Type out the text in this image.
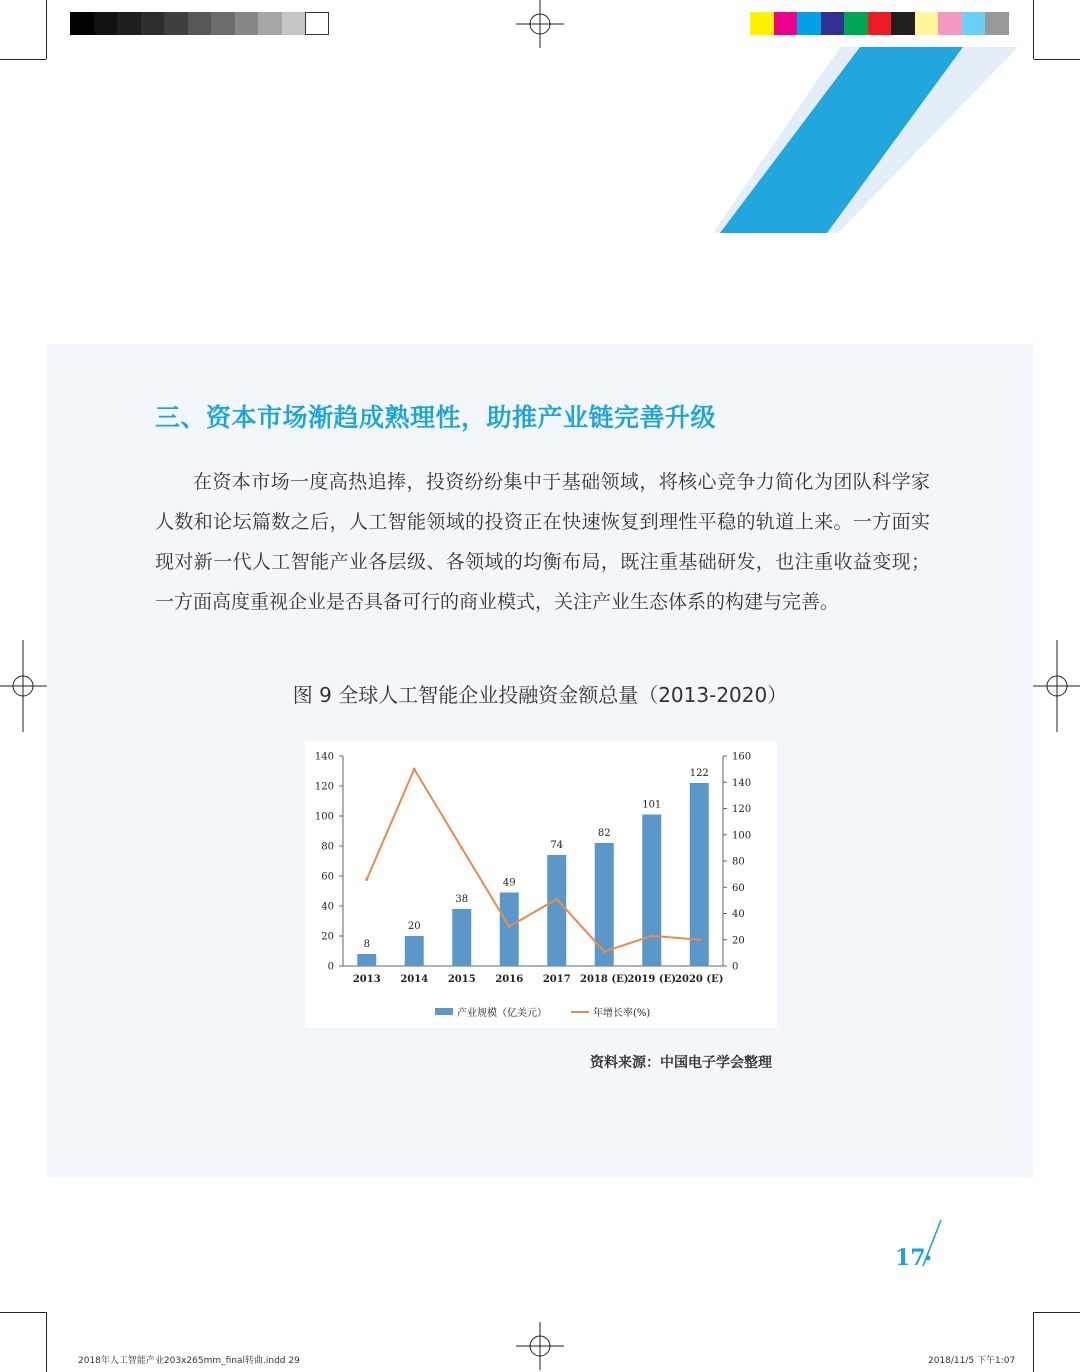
三、资本市场渐趋成熟理性，助推产业链完善升级

在资本市场一度高热追捧，投资纷纷集中于基础领域，将核心竞争力简化为团队科学家人数和论坛篇数之后，人工智能领域的投资正在快速恢复到理性平稳的轨道上来。一方面实现对新一代人工智能产业各层级、各领域的均衡布局，既注重基础研发，也注重收益变现；一方面高度重视企业是否具备可行的商业模式，关注产业生态体系的构建与完善。

图 9 全球人工智能企业投融资金额总量（2013-2020）
0
20
40
60
80
100
120
140
0
20
40
60
80
100
120
140
160
2013 2014 2015 2016 2017 2018 (E) 2019 (E) 2020 (E)
8
20
38
49
74
82
101
122
产业规模（亿美元）	年增长率(%)
资料来源：中国电子学会整理
17
2018年人工智能产业203x265mm_final转曲.indd 29	2018/11/5 下午1:07
